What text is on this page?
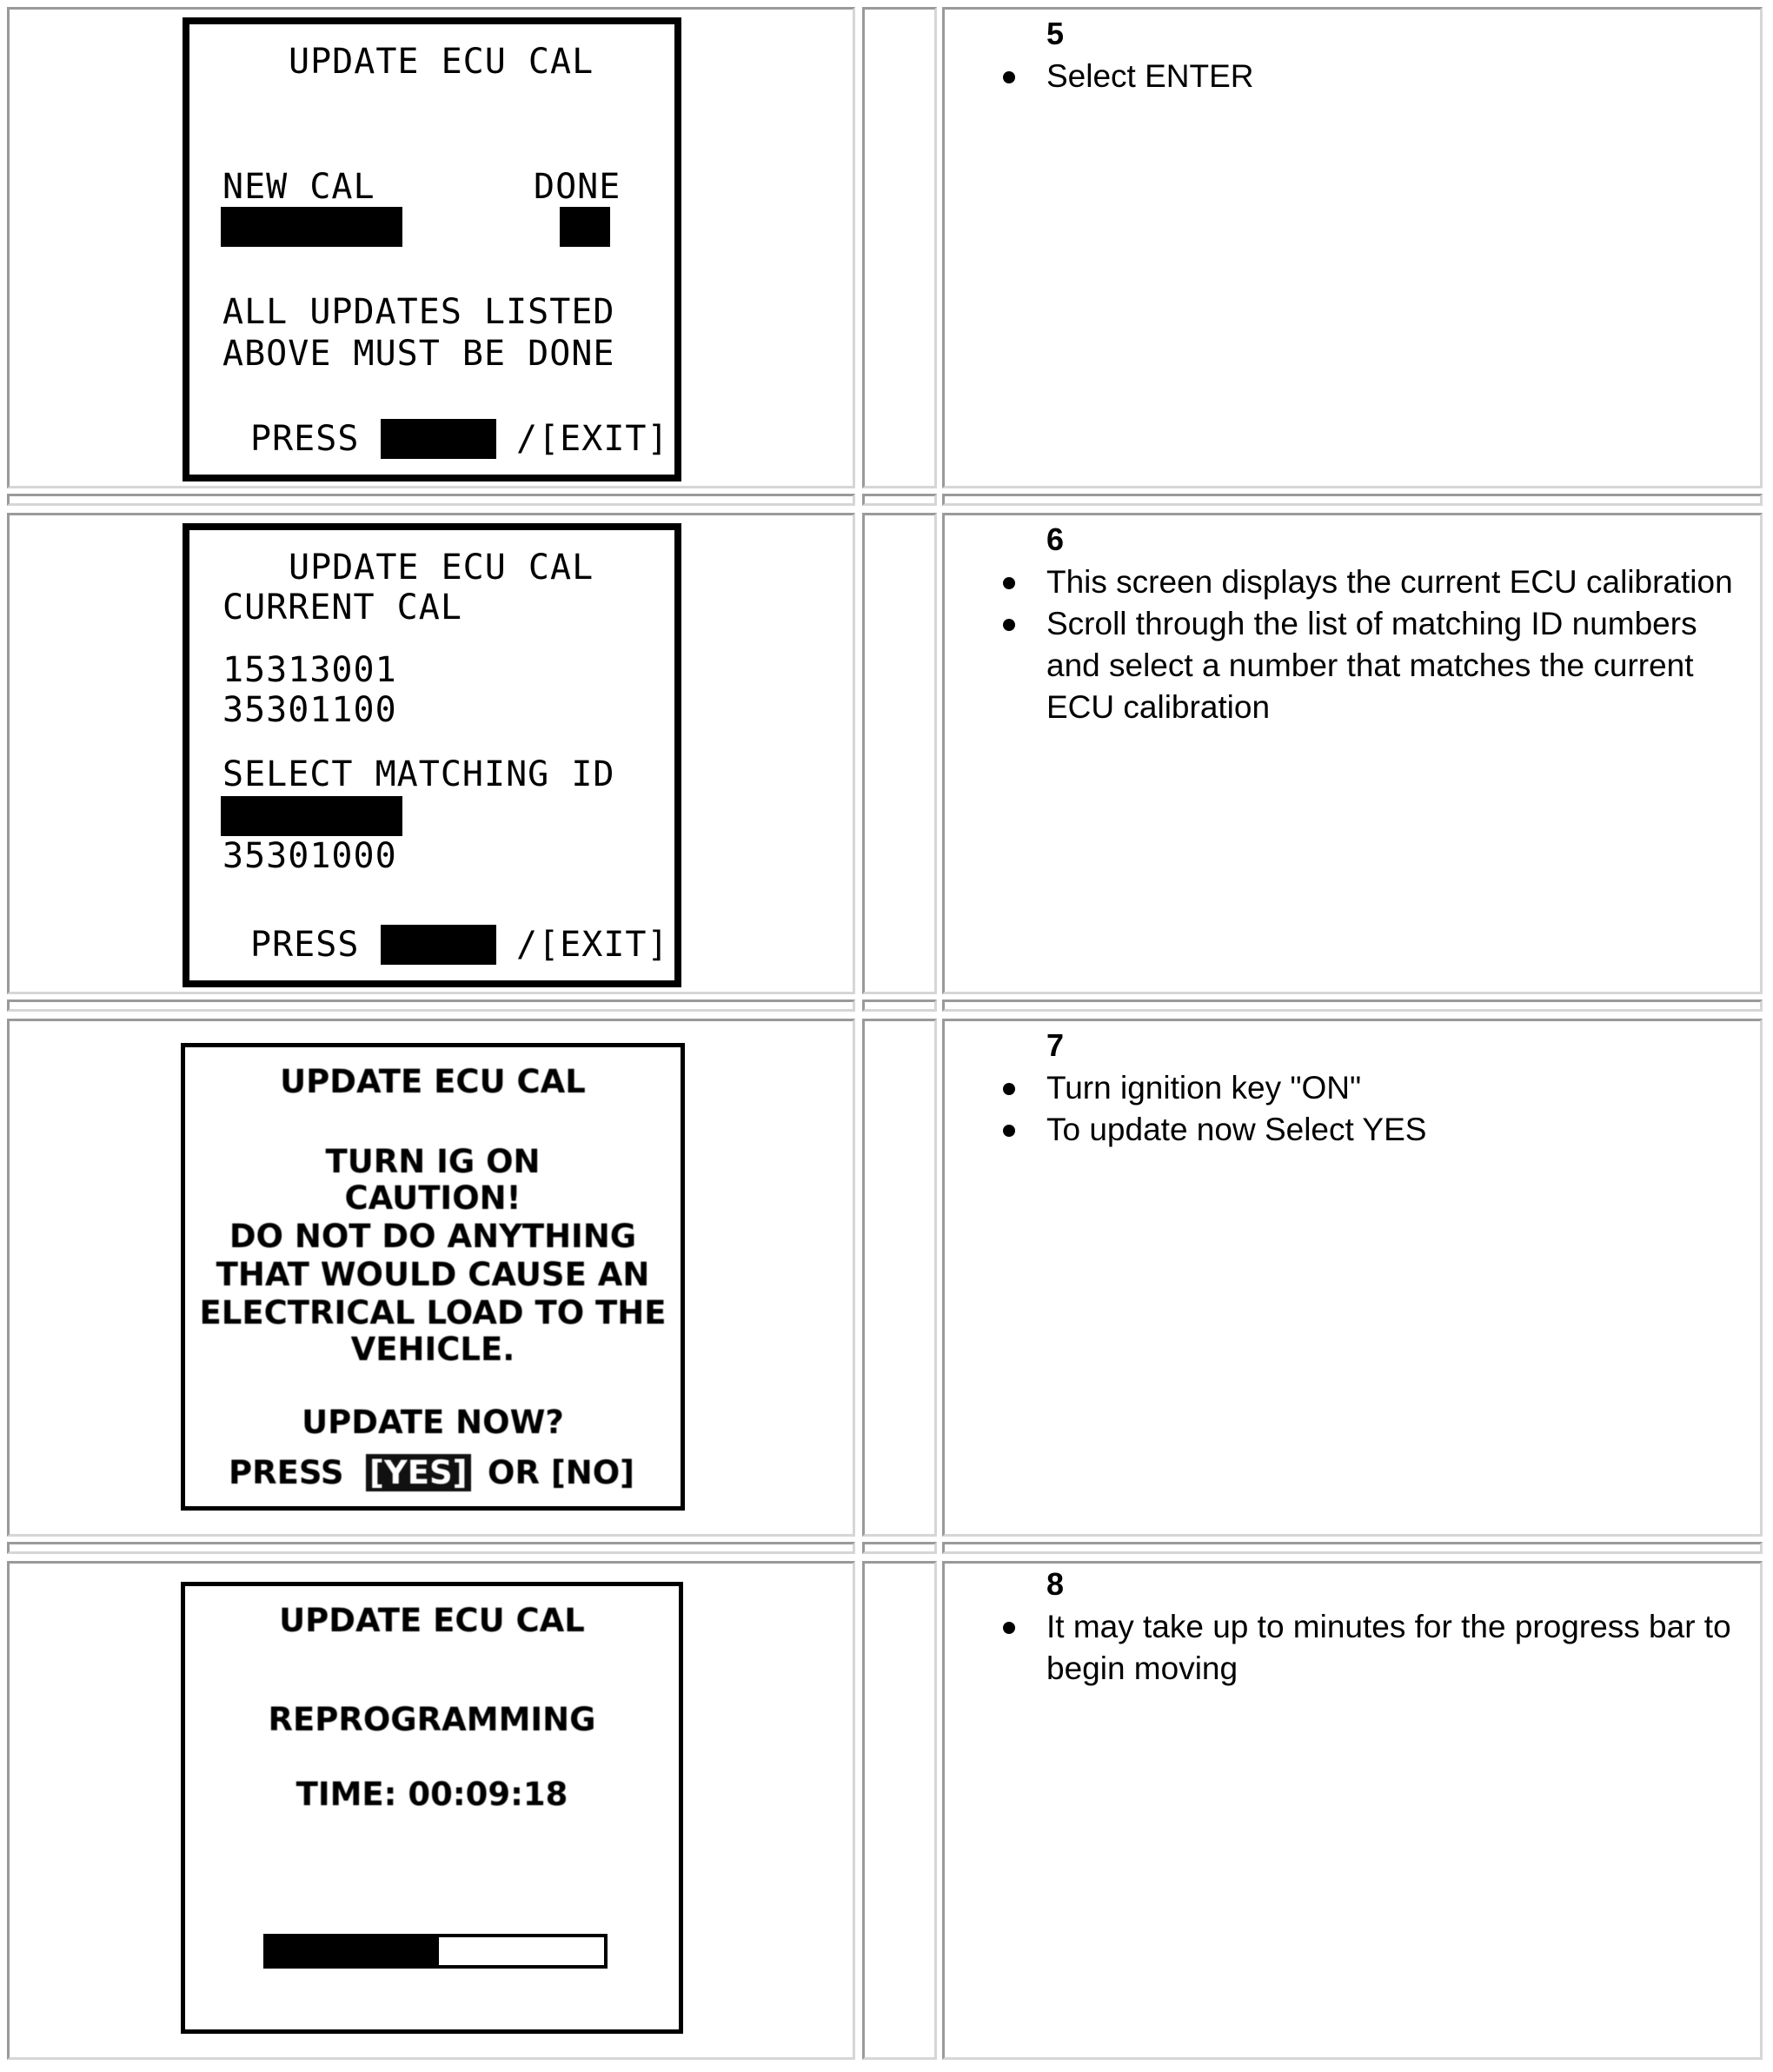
UPDATE ECU CAL
NEW CAL	DONE
35301200	NO
ALL UPDATES LISTED
ABOVE MUST BE DONE
PRESS ENTER /[EXIT]
5
Select ENTER
UPDATE ECU CAL
CURRENT CAL
15313001
35301100
SELECT MATCHING ID
35301100
35301000
PRESS ENTER /[EXIT]
6
This screen displays the current ECU calibration
Scroll through the list of matching ID numbers and select a number that matches the current ECU calibration
UPDATE ECU CAL
TURN IG ON
CAUTION!
DO NOT DO ANYTHING
THAT WOULD CAUSE AN
ELECTRICAL LOAD TO THE
VEHICLE.
UPDATE NOW?
PRESS [YES] OR [NO]
7
Turn ignition key "ON"
To update now Select YES
UPDATE ECU CAL
REPROGRAMMING
TIME: 00:09:18
8
It may take up to minutes for the progress bar to begin moving
